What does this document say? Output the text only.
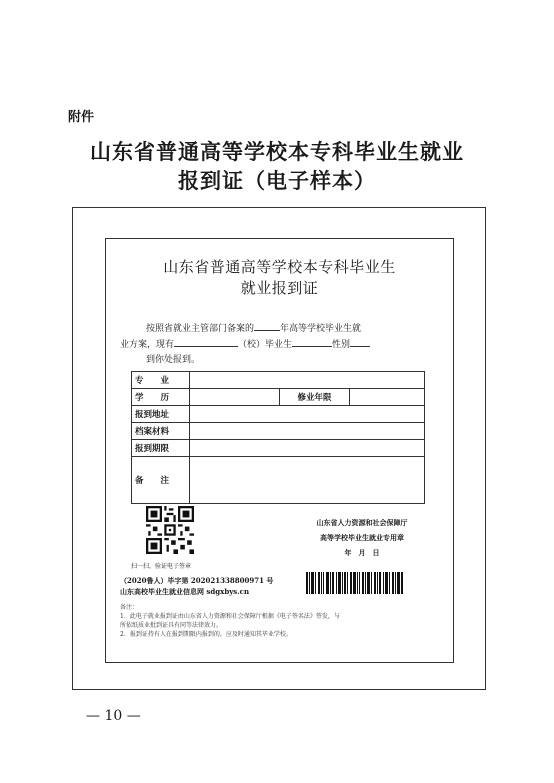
附件
山东省普通高等学校本专科毕业生就业
报到证（电子样本）
山东省普通高等学校本专科毕业生
就业报到证
按照省就业主管部门备案的	年高等学校毕业生就
业方案，现有	（校）毕业生	性别
到你处报到。
专　　业			
学　　历		修业年限	
报到地址			
档案材料			
报到期限			
备　　注			
扫一扫，验证电子签章
山东省人力资源和社会保障厅
高等学校毕业生就业专用章
年　月　日
（2020鲁人）毕字第 202021338800971 号
山东高校毕业生就业信息网 sdgxbys.cn
备注：
1．此电子就业报到证由山东省人力资源和社会保障厅根据《电子签名法》签发，与
所依纸质业批到证具有同等法律效力。
2．报到证持有人在报到期限内报到的，应及时通知其毕业学校。
— 10 —
